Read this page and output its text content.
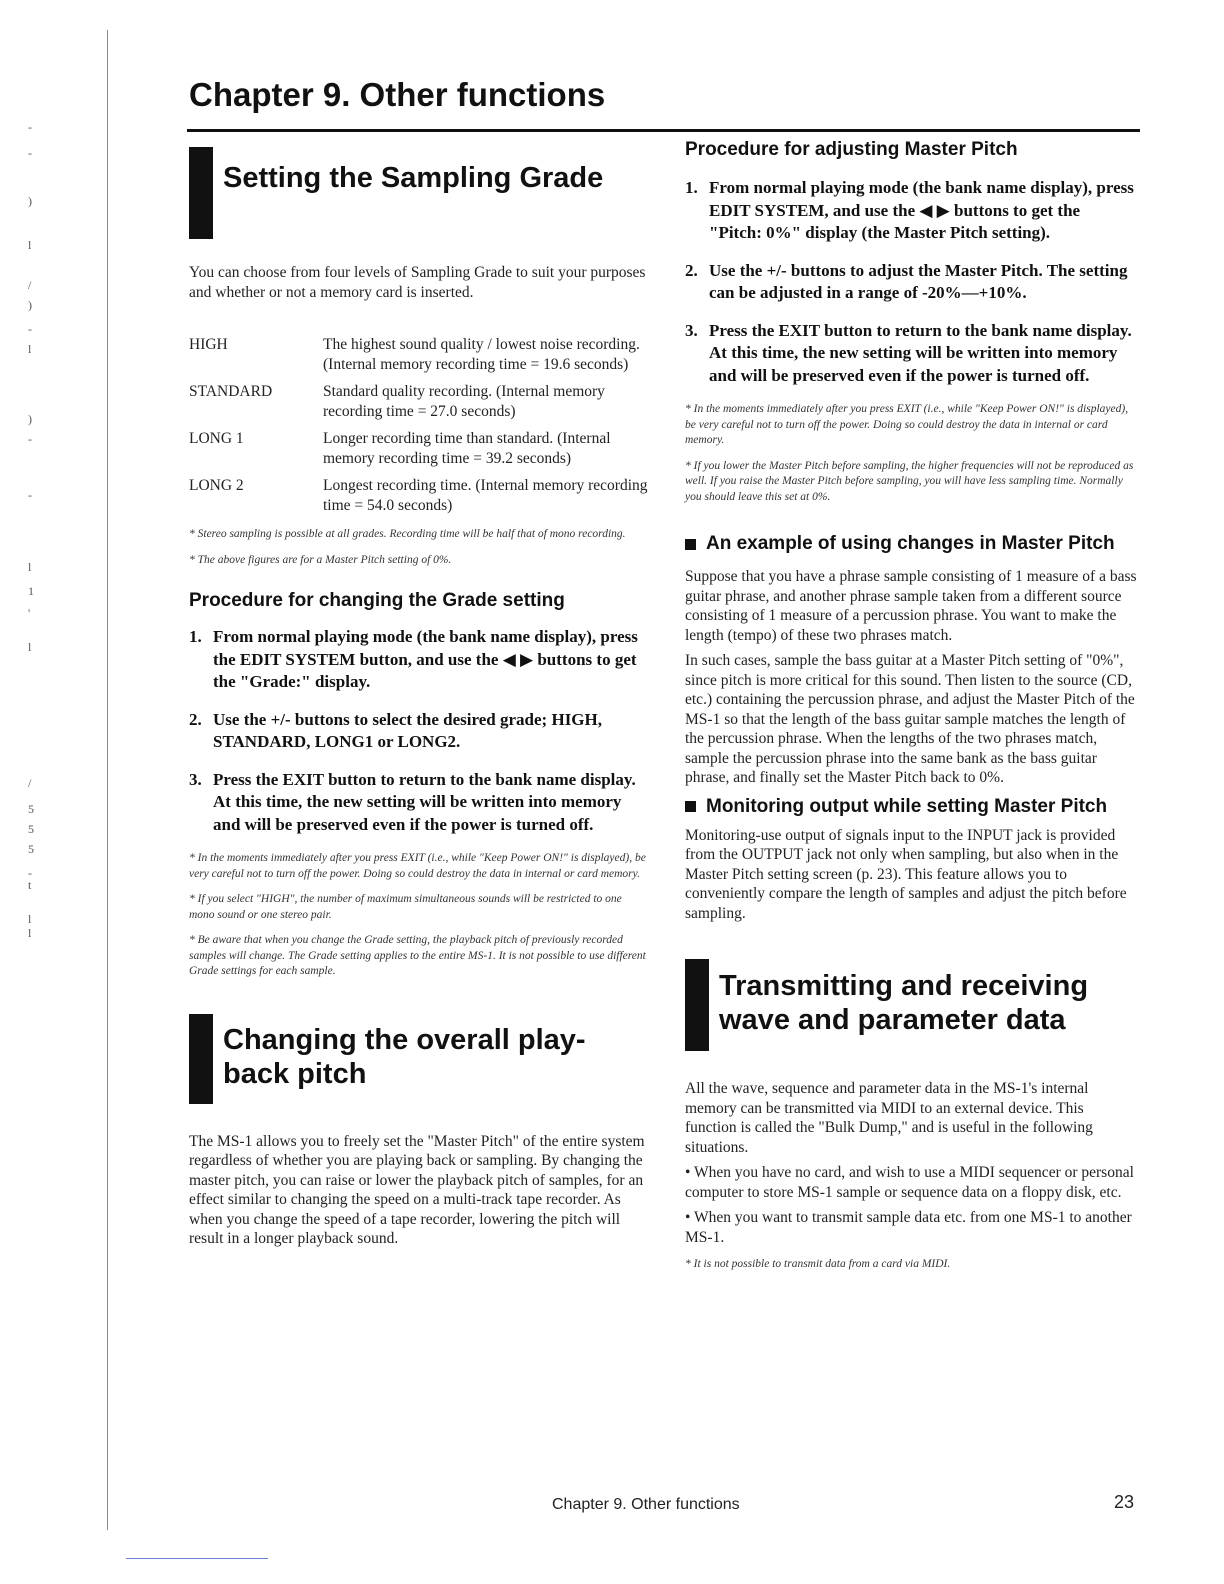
-
-
)
l
/
)
-
l
)
-
-
l
1
'
l
/
5
5
5
-
t
l
l
Chapter 9. Other functions
Setting the Sampling Grade

You can choose from four levels of Sampling Grade to suit your purposes and whether or not a memory card is inserted.

HIGH	The highest sound quality / lowest noise recording. (Internal memory recording time = 19.6 seconds)
STANDARD	Standard quality recording. (Internal memory recording time = 27.0 seconds)
LONG 1	Longer recording time than standard. (Internal memory recording time = 39.2 seconds)
LONG 2	Longest recording time. (Internal memory recording time = 54.0 seconds)

* Stereo sampling is possible at all grades. Recording time will be half that of mono recording.

* The above figures are for a Master Pitch setting of 0%.

Procedure for changing the Grade setting
1. From normal playing mode (the bank name display), press the EDIT SYSTEM button, and use the ◀ ▶ buttons to get the "Grade:" display.
2. Use the +/- buttons to select the desired grade; HIGH, STANDARD, LONG1 or LONG2.
3. Press the EXIT button to return to the bank name display. At this time, the new setting will be written into memory and will be preserved even if the power is turned off.

* In the moments immediately after you press EXIT (i.e., while "Keep Power ON!" is displayed), be very careful not to turn off the power. Doing so could destroy the data in internal or card memory.

* If you select "HIGH", the number of maximum simultaneous sounds will be restricted to one mono sound or one stereo pair.

* Be aware that when you change the Grade setting, the playback pitch of previously recorded samples will change. The Grade setting applies to the entire MS-1. It is not possible to use different Grade settings for each sample.

Changing the overall play-
back pitch

The MS-1 allows you to freely set the "Master Pitch" of the entire system regardless of whether you are playing back or sampling. By changing the master pitch, you can raise or lower the playback pitch of samples, for an effect similar to changing the speed on a multi-track tape recorder. As when you change the speed of a tape recorder, lowering the pitch will result in a longer playback sound.

Procedure for adjusting Master Pitch
1. From normal playing mode (the bank name display), press EDIT SYSTEM, and use the ◀ ▶ buttons to get the "Pitch: 0%" display (the Master Pitch setting).
2. Use the +/- buttons to adjust the Master Pitch. The setting can be adjusted in a range of -20%—+10%.
3. Press the EXIT button to return to the bank name display. At this time, the new setting will be written into memory and will be preserved even if the power is turned off.

* In the moments immediately after you press EXIT (i.e., while "Keep Power ON!" is displayed), be very careful not to turn off the power. Doing so could destroy the data in internal or card memory.

* If you lower the Master Pitch before sampling, the higher frequencies will not be reproduced as well. If you raise the Master Pitch before sampling, you will have less sampling time. Normally you should leave this set at 0%.

An example of using changes in Master Pitch

Suppose that you have a phrase sample consisting of 1 measure of a bass guitar phrase, and another phrase sample taken from a different source consisting of 1 measure of a percussion phrase. You want to make the length (tempo) of these two phrases match.

In such cases, sample the bass guitar at a Master Pitch setting of "0%", since pitch is more critical for this sound. Then listen to the source (CD, etc.) containing the percussion phrase, and adjust the Master Pitch of the MS-1 so that the length of the bass guitar sample matches the length of the percussion phrase. When the lengths of the two phrases match, sample the percussion phrase into the same bank as the bass guitar phrase, and finally set the Master Pitch back to 0%.

Monitoring output while setting Master Pitch

Monitoring-use output of signals input to the INPUT jack is provided from the OUTPUT jack not only when sampling, but also when in the Master Pitch setting screen (p. 23). This feature allows you to conveniently compare the length of samples and adjust the pitch before sampling.

Transmitting and receiving
wave and parameter data

All the wave, sequence and parameter data in the MS-1's internal memory can be transmitted via MIDI to an external device. This function is called the "Bulk Dump," and is useful in the following situations.

• When you have no card, and wish to use a MIDI sequencer or personal computer to store MS-1 sample or sequence data on a floppy disk, etc.

• When you want to transmit sample data etc. from one MS-1 to another MS-1.

* It is not possible to transmit data from a card via MIDI.

Chapter 9. Other functions	23
